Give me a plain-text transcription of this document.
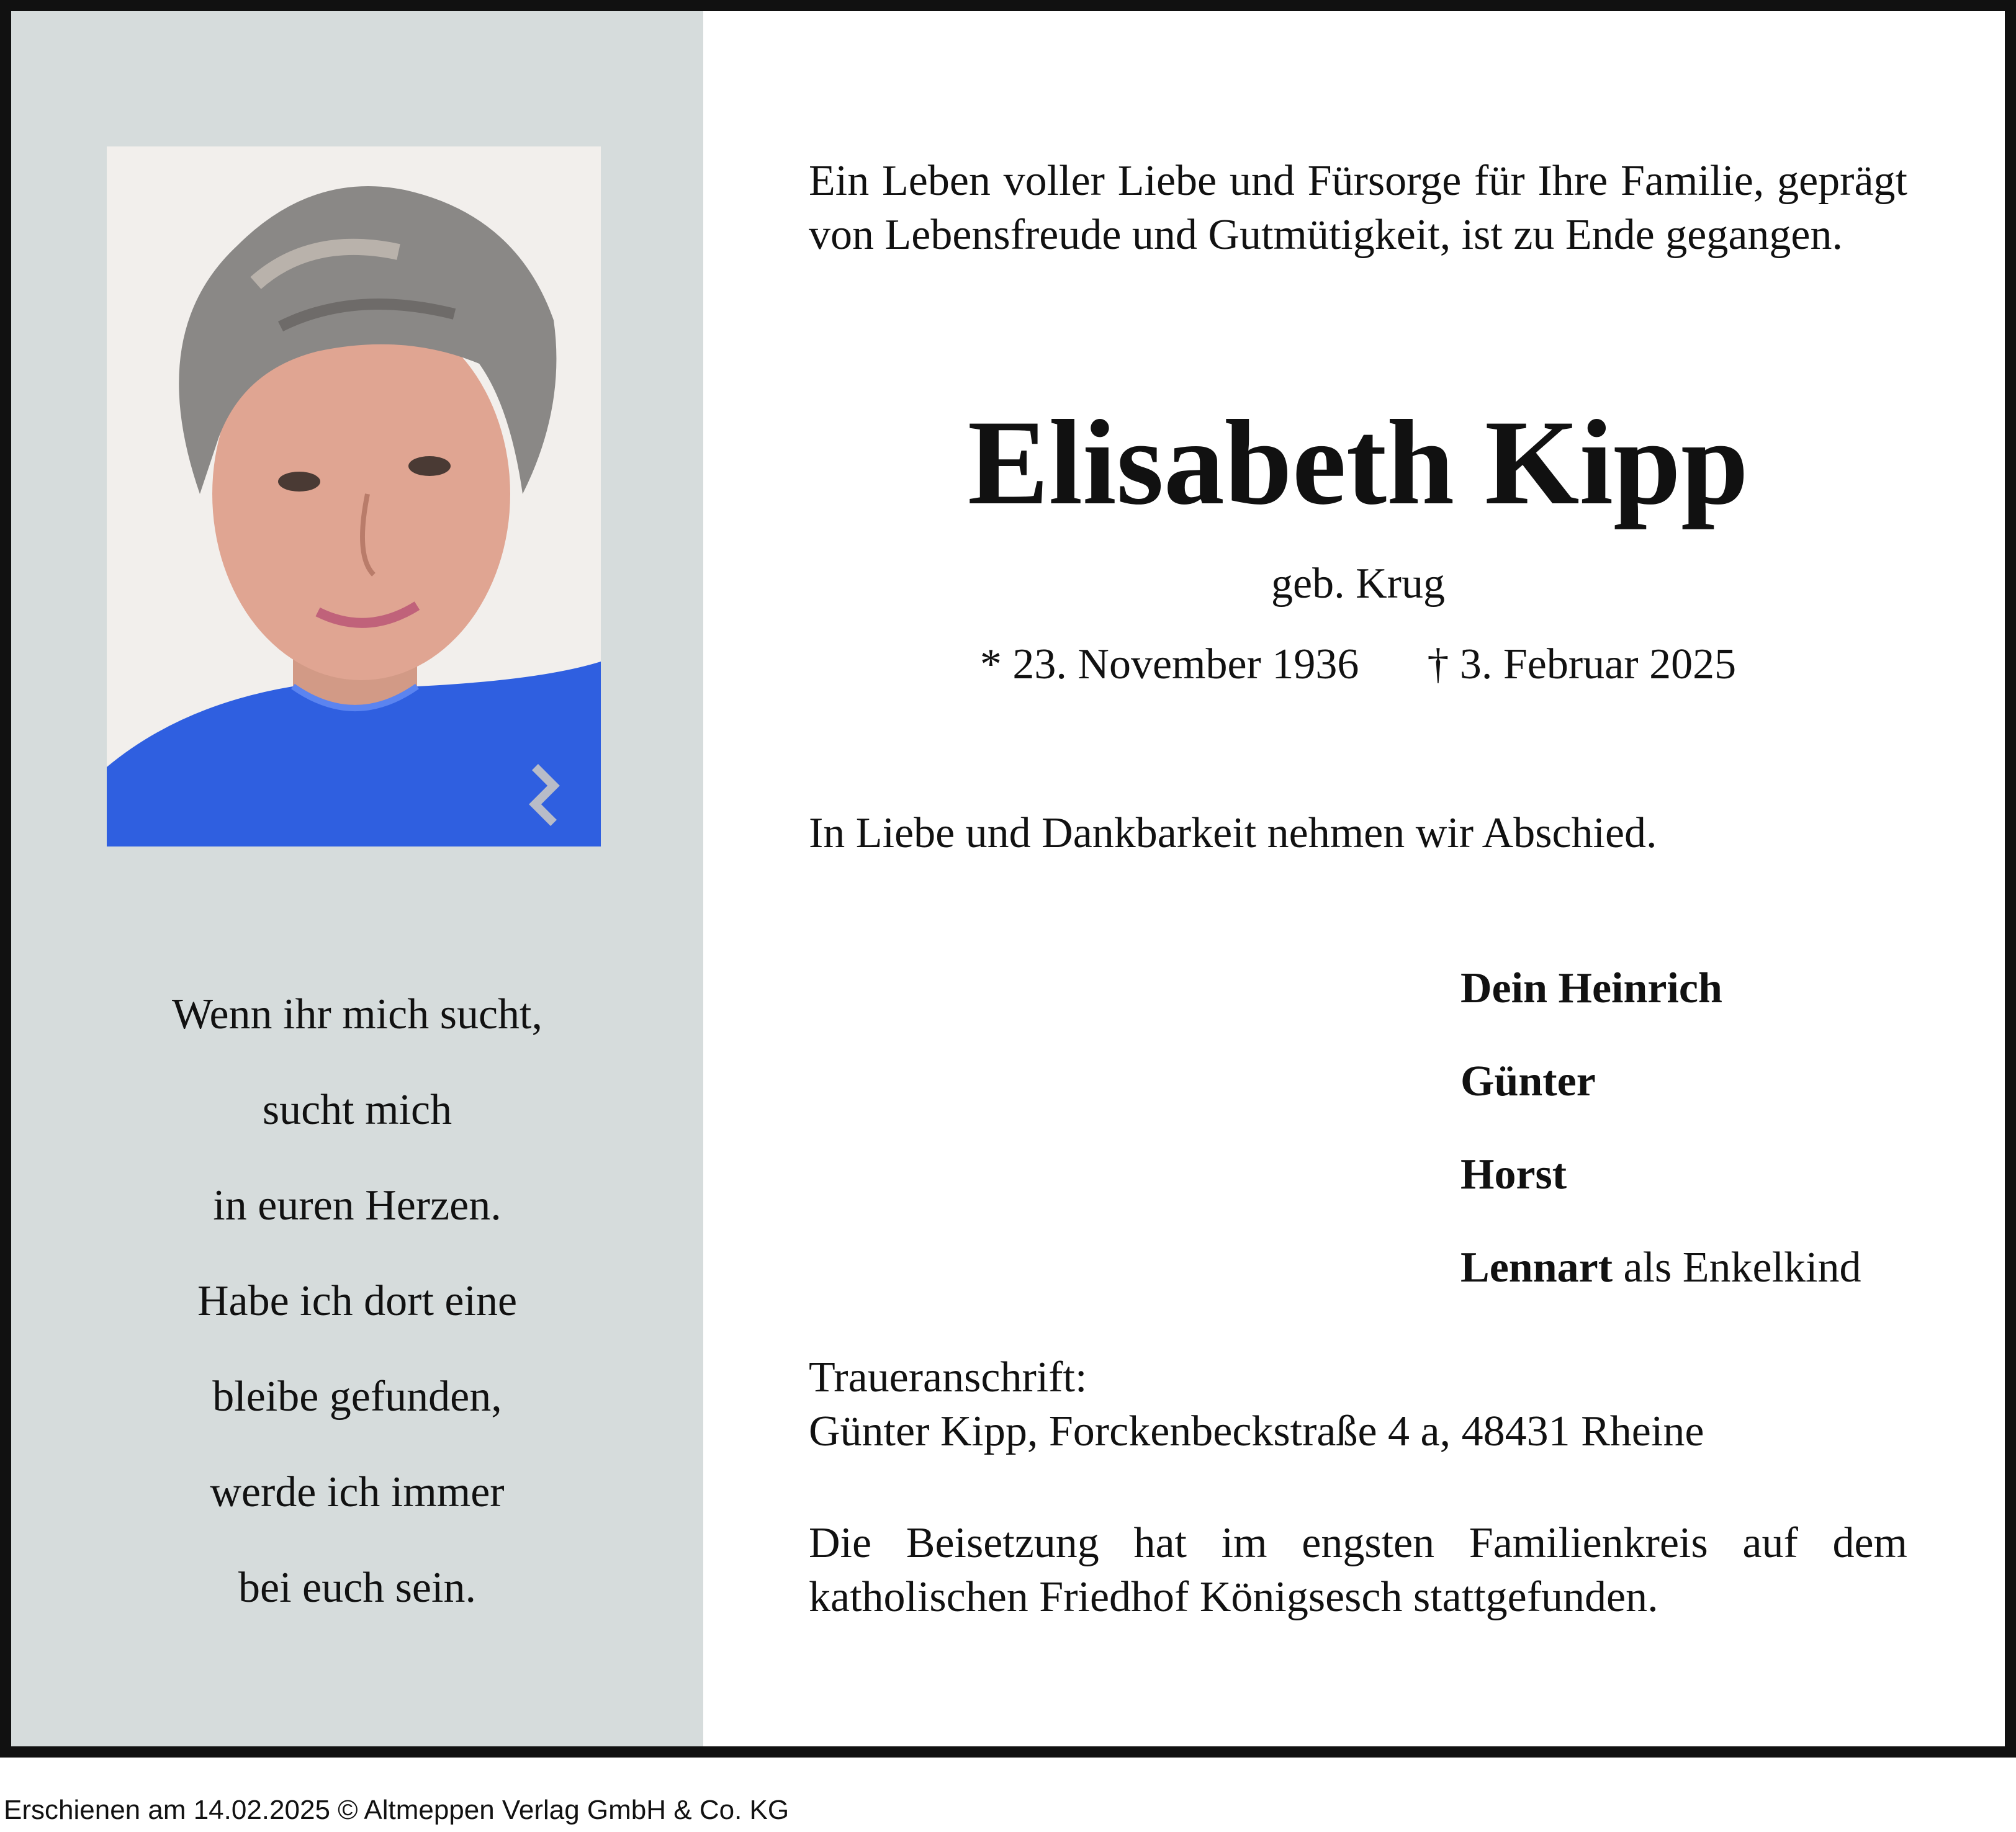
Wenn ihr mich sucht,
sucht mich
in euren Herzen.
Habe ich dort eine
bleibe gefunden,
werde ich immer
bei euch sein.

Ein Leben voller Liebe und Fürsorge für Ihre Familie, geprägt von Lebensfreude und Gutmütigkeit, ist zu Ende gegangen.

Elisabeth Kipp
geb. Krug
* 23. November 1936 † 3. Februar 2025
In Liebe und Dankbarkeit nehmen wir Abschied.
Dein Heinrich
Günter
Horst
Lennart als Enkelkind
Traueranschrift:
Günter Kipp, Forckenbeckstraße 4 a, 48431 Rheine

Die Beisetzung hat im engsten Familienkreis auf dem katholischen Friedhof Königsesch stattgefunden.

Erschienen am 14.02.2025 © Altmeppen Verlag GmbH & Co. KG
